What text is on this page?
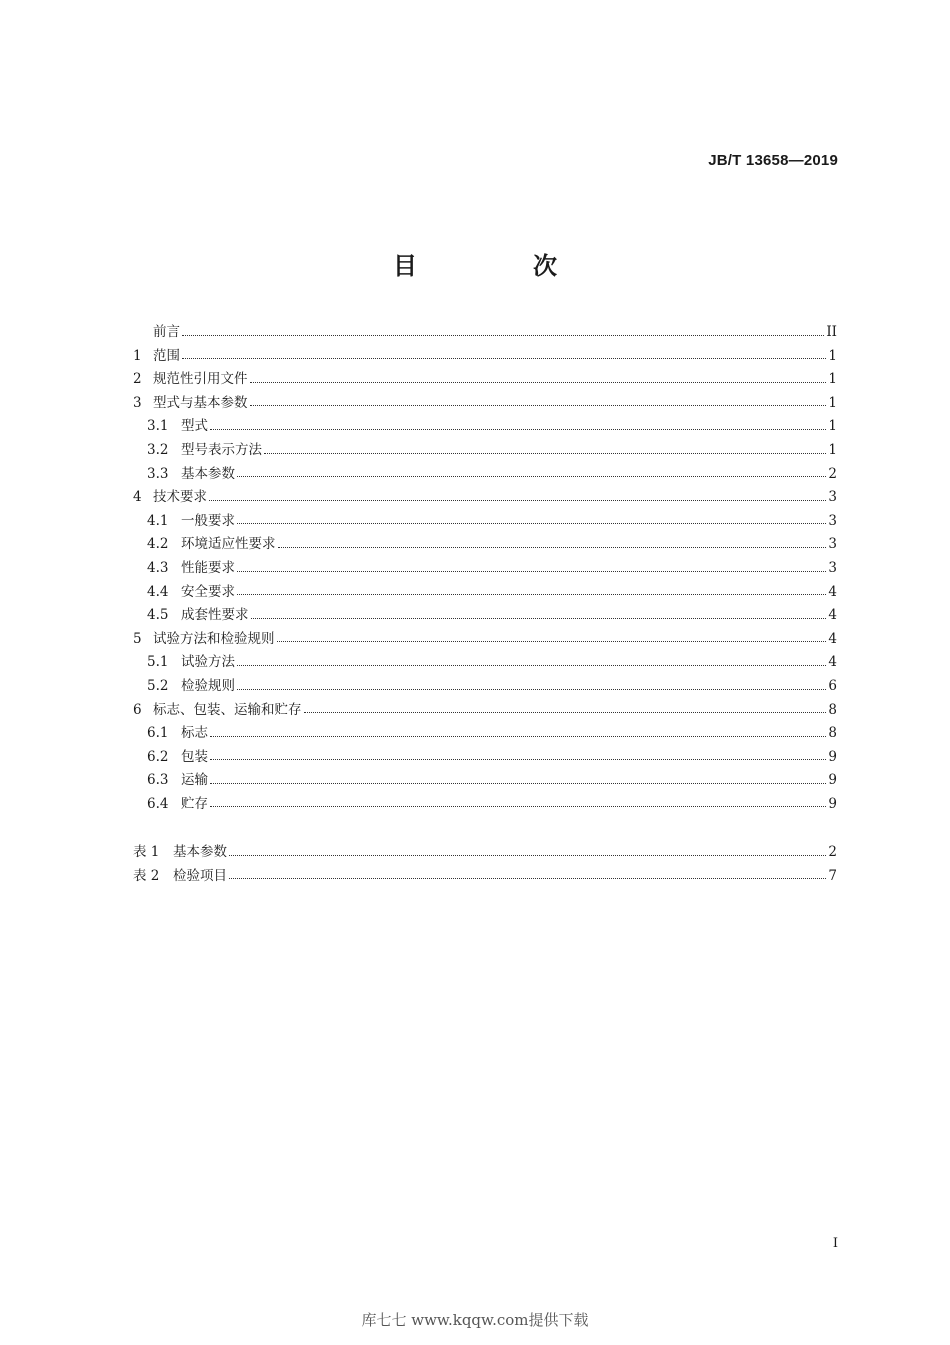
JB/T 13658—2019

目　次
前言	II
1 范围	1
2 规范性引用文件	1
3 型式与基本参数	1
3.1 型式	1
3.2 型号表示方法	1
3.3 基本参数	2
4 技术要求	3
4.1 一般要求	3
4.2 环境适应性要求	3
4.3 性能要求	3
4.4 安全要求	4
4.5 成套性要求	4
5 试验方法和检验规则	4
5.1 试验方法	4
5.2 检验规则	6
6 标志、包装、运输和贮存	8
6.1 标志	8
6.2 包装	9
6.3 运输	9
6.4 贮存	9
表 1	基本参数	2
表 2	检验项目	7

I

库七七 www.kqqw.com提供下载
